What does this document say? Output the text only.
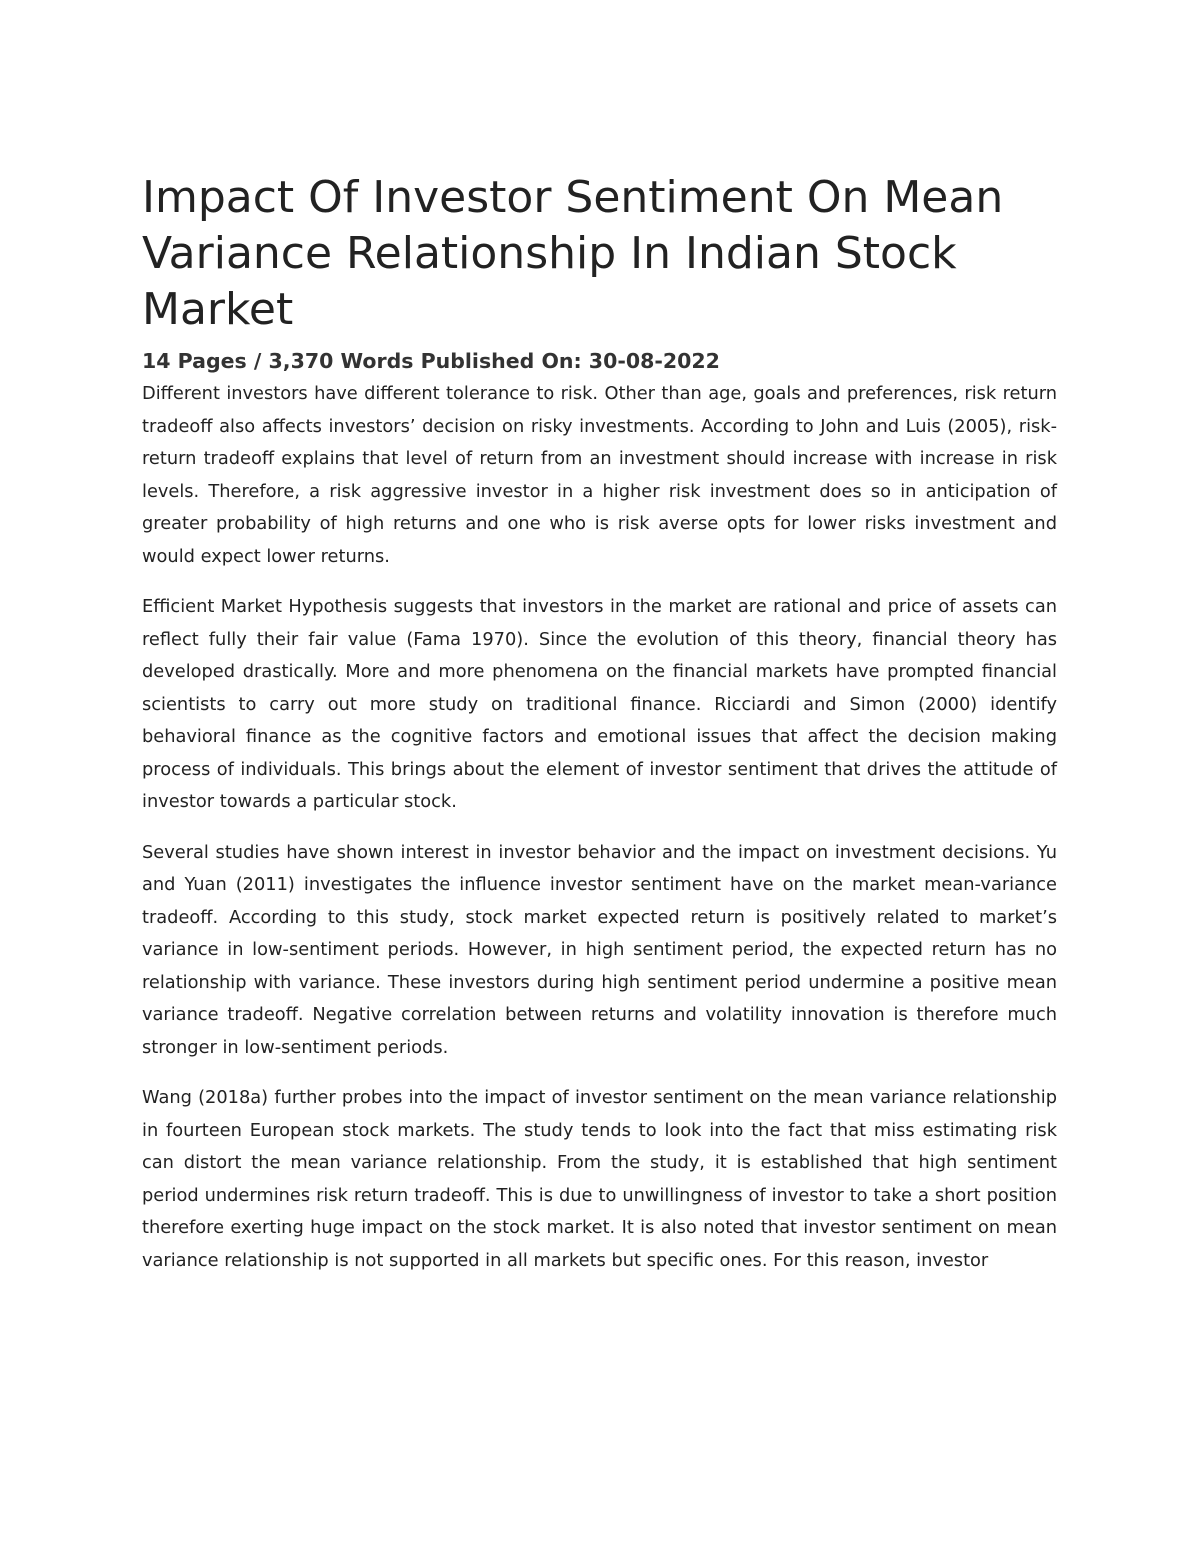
Impact Of Investor Sentiment On Mean Variance Relationship In Indian Stock Market
14 Pages / 3,370 Words Published On: 30-08-2022

Different investors have different tolerance to risk. Other than age, goals and preferences, risk return tradeoff also affects investors’ decision on risky investments. According to John and Luis (2005), risk-return tradeoff explains that level of return from an investment should increase with increase in risk levels. Therefore, a risk aggressive investor in a higher risk investment does so in anticipation of greater probability of high returns and one who is risk averse opts for lower risks investment and would expect lower returns.

Efficient Market Hypothesis suggests that investors in the market are rational and price of assets can reflect fully their fair value (Fama 1970). Since the evolution of this theory, financial theory has developed drastically. More and more phenomena on the financial markets have prompted financial scientists to carry out more study on traditional finance. Ricciardi and Simon (2000) identify behavioral finance as the cognitive factors and emotional issues that affect the decision making process of individuals. This brings about the element of investor sentiment that drives the attitude of investor towards a particular stock.

Several studies have shown interest in investor behavior and the impact on investment decisions. Yu and Yuan (2011) investigates the influence investor sentiment have on the market mean-variance tradeoff. According to this study, stock market expected return is positively related to market’s variance in low-sentiment periods. However, in high sentiment period, the expected return has no relationship with variance. These investors during high sentiment period undermine a positive mean variance tradeoff. Negative correlation between returns and volatility innovation is therefore much stronger in low-sentiment periods.

Wang (2018a) further probes into the impact of investor sentiment on the mean variance relationship in fourteen European stock markets. The study tends to look into the fact that miss estimating risk can distort the mean variance relationship. From the study, it is established that high sentiment period undermines risk return tradeoff. This is due to unwillingness of investor to take a short position therefore exerting huge impact on the stock market. It is also noted that investor sentiment on mean variance relationship is not supported in all markets but specific ones. For this reason, investor
